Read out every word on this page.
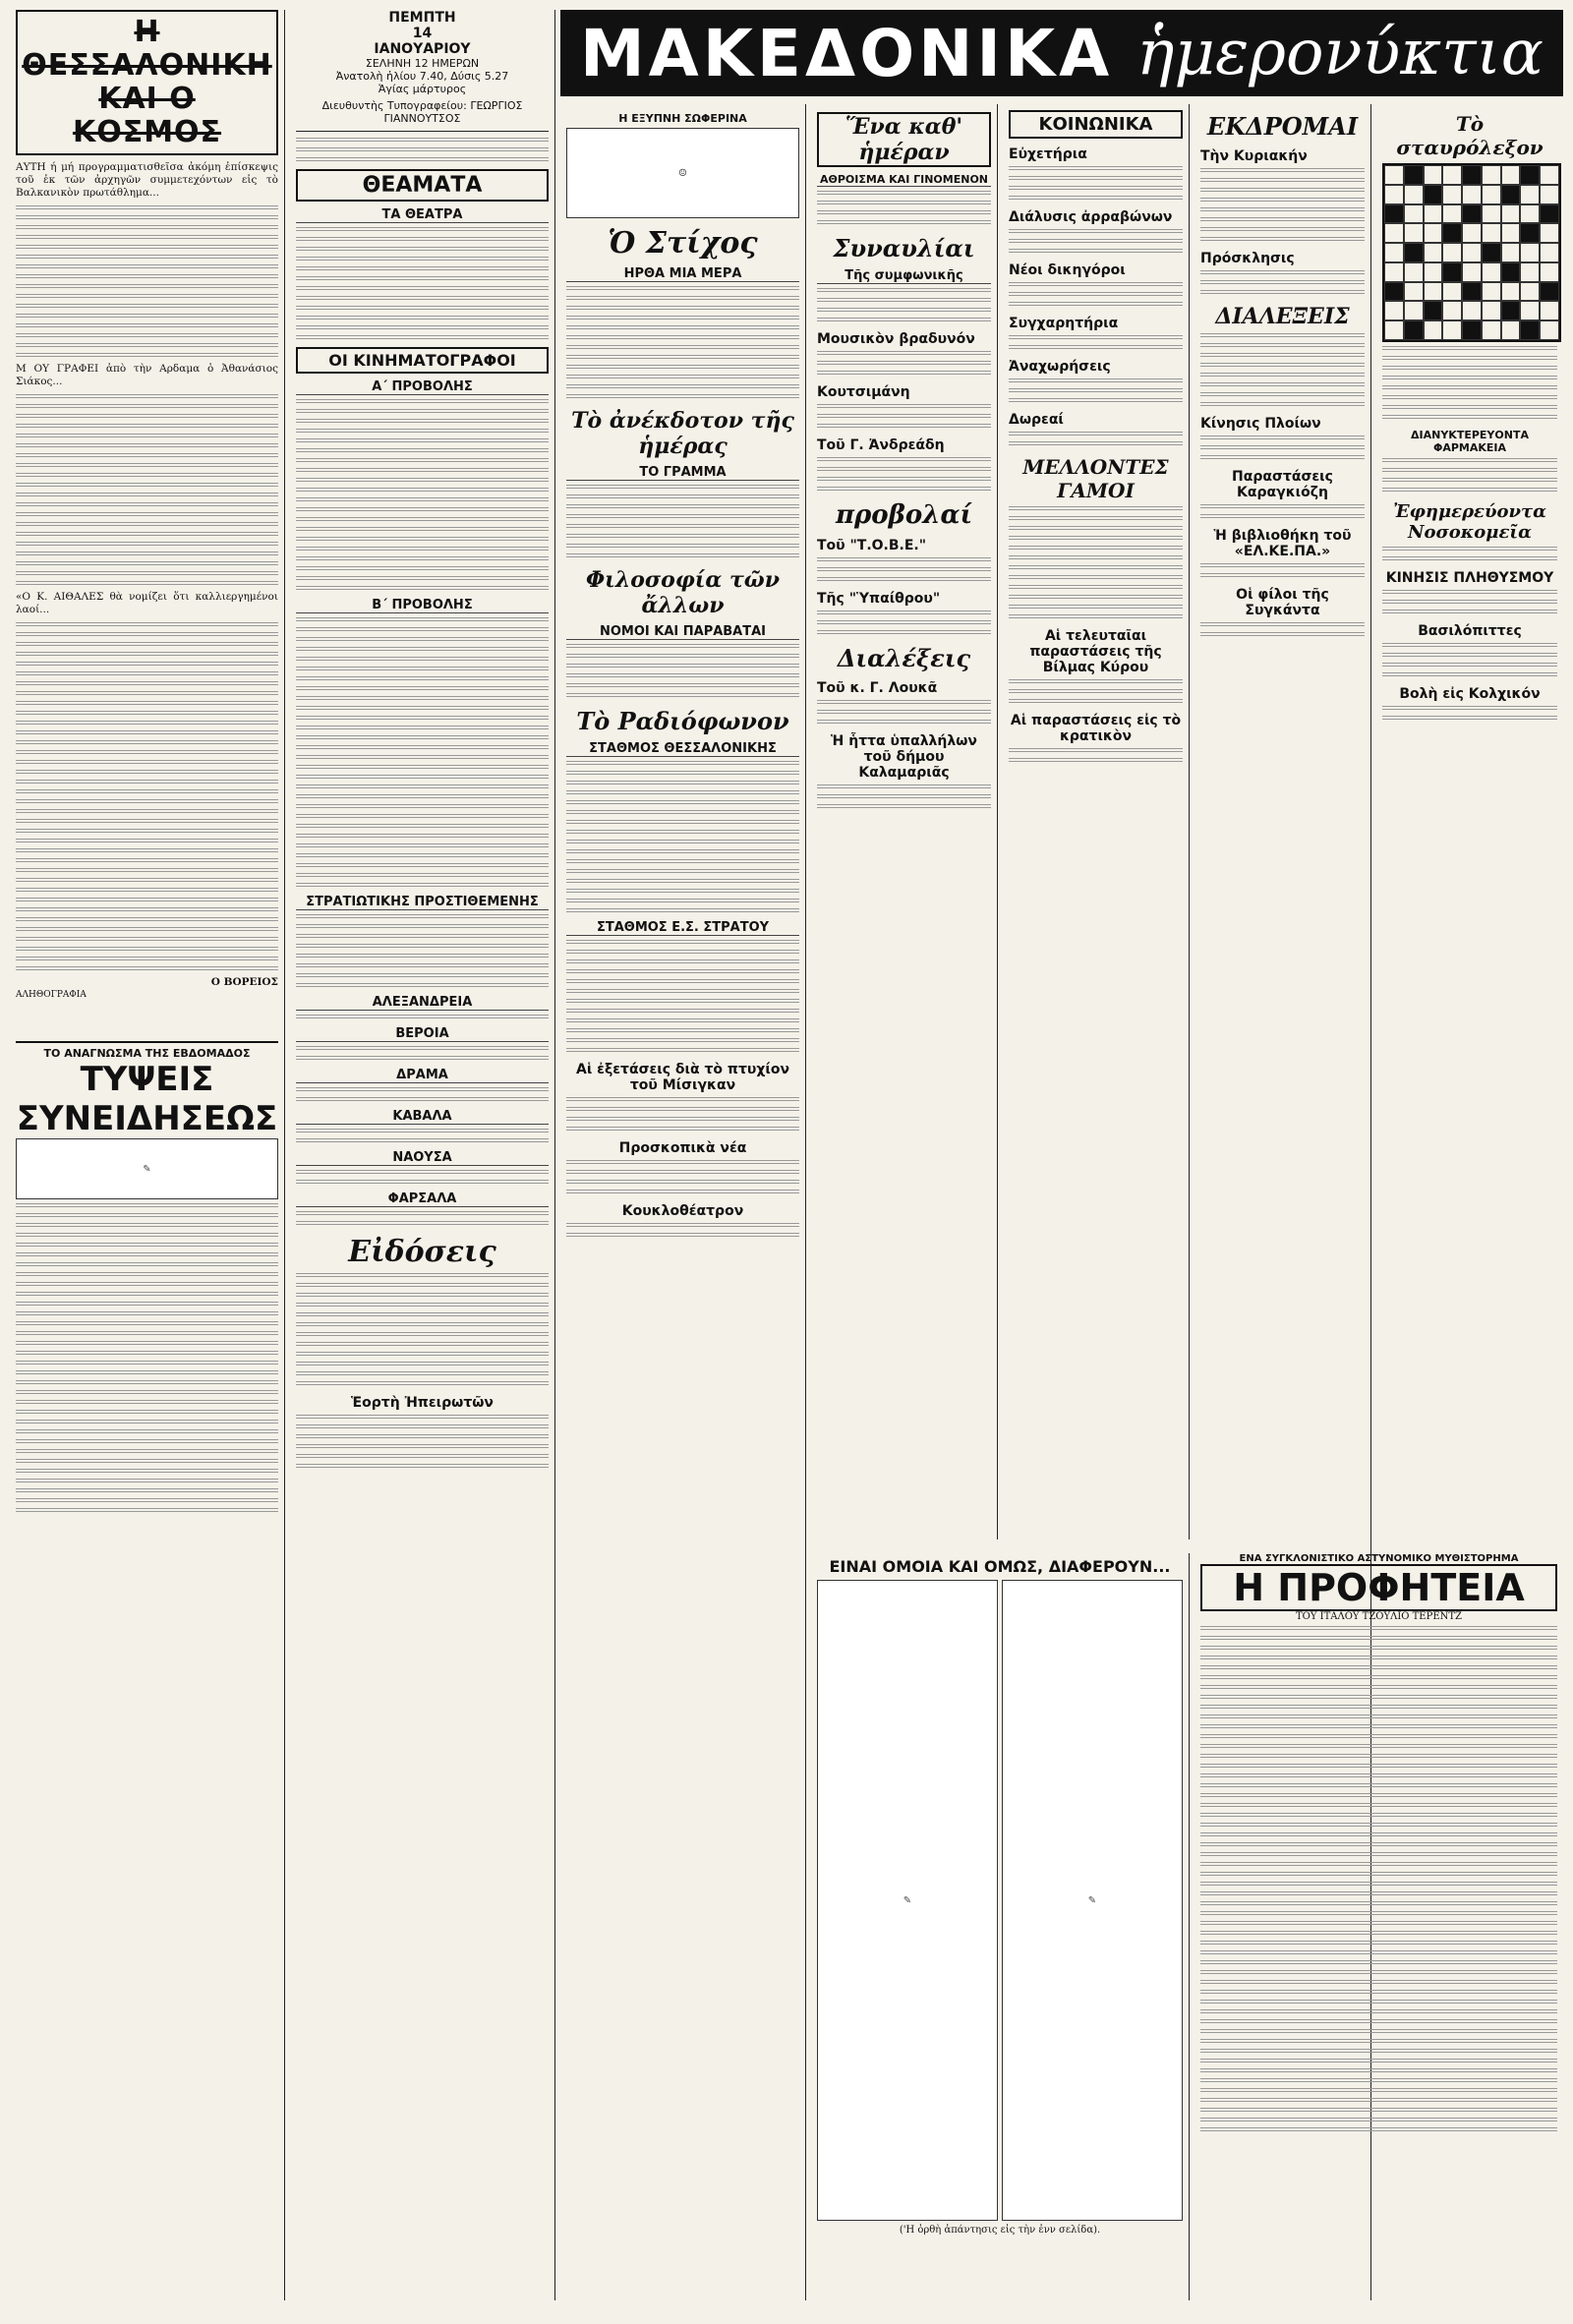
Η ΘΕΣΣΑΛΟΝΙΚΗ
ΚΑΙ Ο ΚΟΣΜΟΣ

ΑΥΤΗ ή μή προγραμματισθεῖσα ἀκόμη ἐπίσκεψις τοῦ ἐκ τῶν ἀρχηγῶν συμμετεχόντων εἰς τὸ Βαλκανικὸν πρωτάθλημα...

Μ ΟΥ ΓΡΑΦΕΙ ἀπὸ τὴν Αρδαμα ὁ Ἀθανάσιος Σιάκος...

«Ο Κ. ΑΙΘΑΛΕΣ θὰ νομίζει ὅτι καλλιεργημένοι λαοί...

Ο ΒΟΡΕΙΟΣ
ΑΛΗΘΟΓΡΑΦΙΑ
ΤΟ ΑΝΑΓΝΩΣΜΑ ΤΗΣ ΕΒΔΟΜΑΔΟΣ
ΤΥΨΕΙΣ ΣΥΝΕΙΔΗΣΕΩΣ
✎
ΠΕΜΠΤΗ
14
ΙΑΝΟΥΑΡΙΟΥ
ΣΕΛΗΝΗ 12 ΗΜΕΡΩΝ
Ἀνατολὴ ἡλίου 7.40, Δύσις 5.27
Ἁγίας μάρτυρος
Διευθυντὴς Τυπογραφείου: ΓΕΩΡΓΙΟΣ ΓΙΑΝΝΟΥΤΣΟΣ
ΘΕΑΜΑΤΑ
ΤΑ ΘΕΑΤΡΑ
ΟΙ ΚΙΝΗΜΑΤΟΓΡΑΦΟΙ
Α΄ ΠΡΟΒΟΛΗΣ
Β΄ ΠΡΟΒΟΛΗΣ
ΣΤΡΑΤΙΩΤΙΚΗΣ ΠΡΟΣΤΙΘΕΜΕΝΗΣ
ΑΛΕΞΑΝΔΡΕΙΑ
ΒΕΡΟΙΑ
ΔΡΑΜΑ
ΚΑΒΑΛΑ
ΝΑΟΥΣΑ
ΦΑΡΣΑΛΑ
Εἰδόσεις
Ἑορτὴ Ἠπειρωτῶν
ΜΑΚΕΔΟΝΙΚΑ ἡμερονύκτια
Η ΕΞΥΠΝΗ ΣΩΦΕΡΙΝΑ
☺
Ὁ Στίχος
ΗΡΘΑ ΜΙΑ ΜΕΡΑ
Τὸ ἀνέκδοτον τῆς ἡμέρας
ΤΟ ΓΡΑΜΜΑ
Φιλοσοφία τῶν ἄλλων
ΝΟΜΟΙ ΚΑΙ ΠΑΡΑΒΑΤΑΙ
Τὸ Ραδιόφωνον
ΣΤΑΘΜΟΣ ΘΕΣΣΑΛΟΝΙΚΗΣ
ΣΤΑΘΜΟΣ Ε.Σ. ΣΤΡΑΤΟΥ
Αἱ ἐξετάσεις διὰ τὸ πτυχίον τοῦ Μίσιγκαν
Προσκοπικὰ νέα
Κουκλοθέατρον
Ἕνα καθ' ἡμέραν
ΑΘΡΟΙΣΜΑ ΚΑΙ ΓΙΝΟΜΕΝΟΝ
Συναυλίαι
Τῆς συμφωνικῆς
Μουσικὸν βραδυνόν
Κουτσιμάνη
Τοῦ Γ. Ἀνδρεάδη
προβολαί
Τοῦ "Τ.Ο.Β.Ε."
Τῆς "Ὑπαίθρου"
Διαλέξεις
Τοῦ κ. Γ. Λουκᾶ
Ἡ ἧττα ὑπαλλήλων τοῦ δήμου Καλαμαριᾶς
ΚΟΙΝΩΝΙΚΑ
Εὐχετήρια
Διάλυσις ἀρραβώνων
Νέοι δικηγόροι
Συγχαρητήρια
Ἀναχωρήσεις
Δωρεαί
ΜΕΛΛΟΝΤΕΣ ΓΑΜΟΙ
Αἱ τελευταῖαι παραστάσεις τῆς Βίλμας Κύρου
Αἱ παραστάσεις εἰς τὸ κρατικὸν
ΕΚΔΡΟΜΑΙ
Τὴν Κυριακήν
Πρόσκλησις
ΔΙΑΛΕΞΕΙΣ
Κίνησις Πλοίων
Παραστάσεις Καραγκιόζη
Ἡ βιβλιοθήκη τοῦ «ΕΛ.ΚΕ.ΠΑ.»
Οἱ φίλοι τῆς Συγκάντα
Τὸ σταυρόλεξον
ΔΙΑΝΥΚΤΕΡΕΥΟΝΤΑ ΦΑΡΜΑΚΕΙΑ
Ἐφημερεύοντα Νοσοκομεῖα
ΚΙΝΗΣΙΣ ΠΛΗΘΥΣΜΟΥ
Βασιλόπιττες
Βολὴ εἰς Κολχικόν
ΕΙΝΑΙ ΟΜΟΙΑ ΚΑΙ ΟΜΩΣ, ΔΙΑΦΕΡΟΥΝ...
✎	✎
('Η ὀρθὴ ἀπάντησις εἰς τὴν ἐνν σελίδα).
ΕΝΑ ΣΥΓΚΛΟΝΙΣΤΙΚΟ ΑΣΤΥΝΟΜΙΚΟ ΜΥΘΙΣΤΟΡΗΜΑ
Η ΠΡΟΦΗΤΕΙΑ
ΤΟΥ ΙΤΑΛΟΥ ΤΖΟΥΛΙΟ ΤΕΡΕΝΤΖ
